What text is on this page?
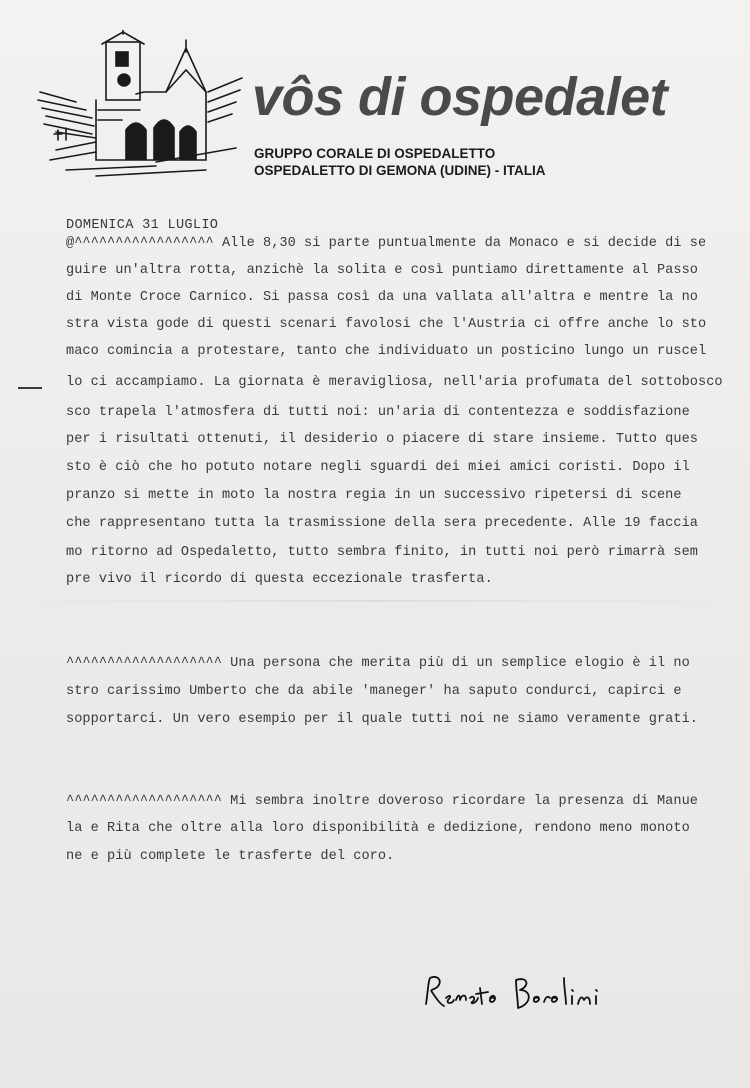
vôs di ospedalet
GRUPPO CORALE DI OSPEDALETTO
OSPEDALETTO DI GEMONA (UDINE) - ITALIA
DOMENICA 31 LUGLIO
@^^^^^^^^^^^^^^^^^ Alle 8,30 si parte puntualmente da Monaco e si decide di se
guire un'altra rotta, anzichè la solita e così puntiamo direttamente al Passo
di Monte Croce Carnico. Si passa così da una vallata all'altra e mentre la no
stra vista gode di questi scenari favolosi che l'Austria ci offre anche lo sto
maco comincia a protestare, tanto che individuato un posticino lungo un ruscel
lo ci accampiamo. La giornata è meravigliosa, nell'aria profumata del sottobosco
sco trapela l'atmosfera di tutti noi: un'aria di contentezza e soddisfazione
per i risultati ottenuti, il desiderio o piacere di stare insieme. Tutto ques
sto è ciò che ho potuto notare negli sguardi dei miei amici coristi. Dopo il
pranzo si mette in moto la nostra regia in un successivo ripetersi di scene
che rappresentano tutta la trasmissione della sera precedente. Alle 19 faccia
mo ritorno ad Ospedaletto, tutto sembra finito, in tutti noi però rimarrà sem
pre vivo il ricordo di questa eccezionale trasferta.
^^^^^^^^^^^^^^^^^^^ Una persona che merita più di un semplice elogio è il no
stro carissimo Umberto che da abile 'maneger' ha saputo condurci, capirci e
sopportarci. Un vero esempio per il quale tutti noi ne siamo veramente grati.
^^^^^^^^^^^^^^^^^^^ Mi sembra inoltre doveroso ricordare la presenza di Manue
la e Rita che oltre alla loro disponibilità e dedizione, rendono meno monoto
ne e più complete le trasferte del coro.
